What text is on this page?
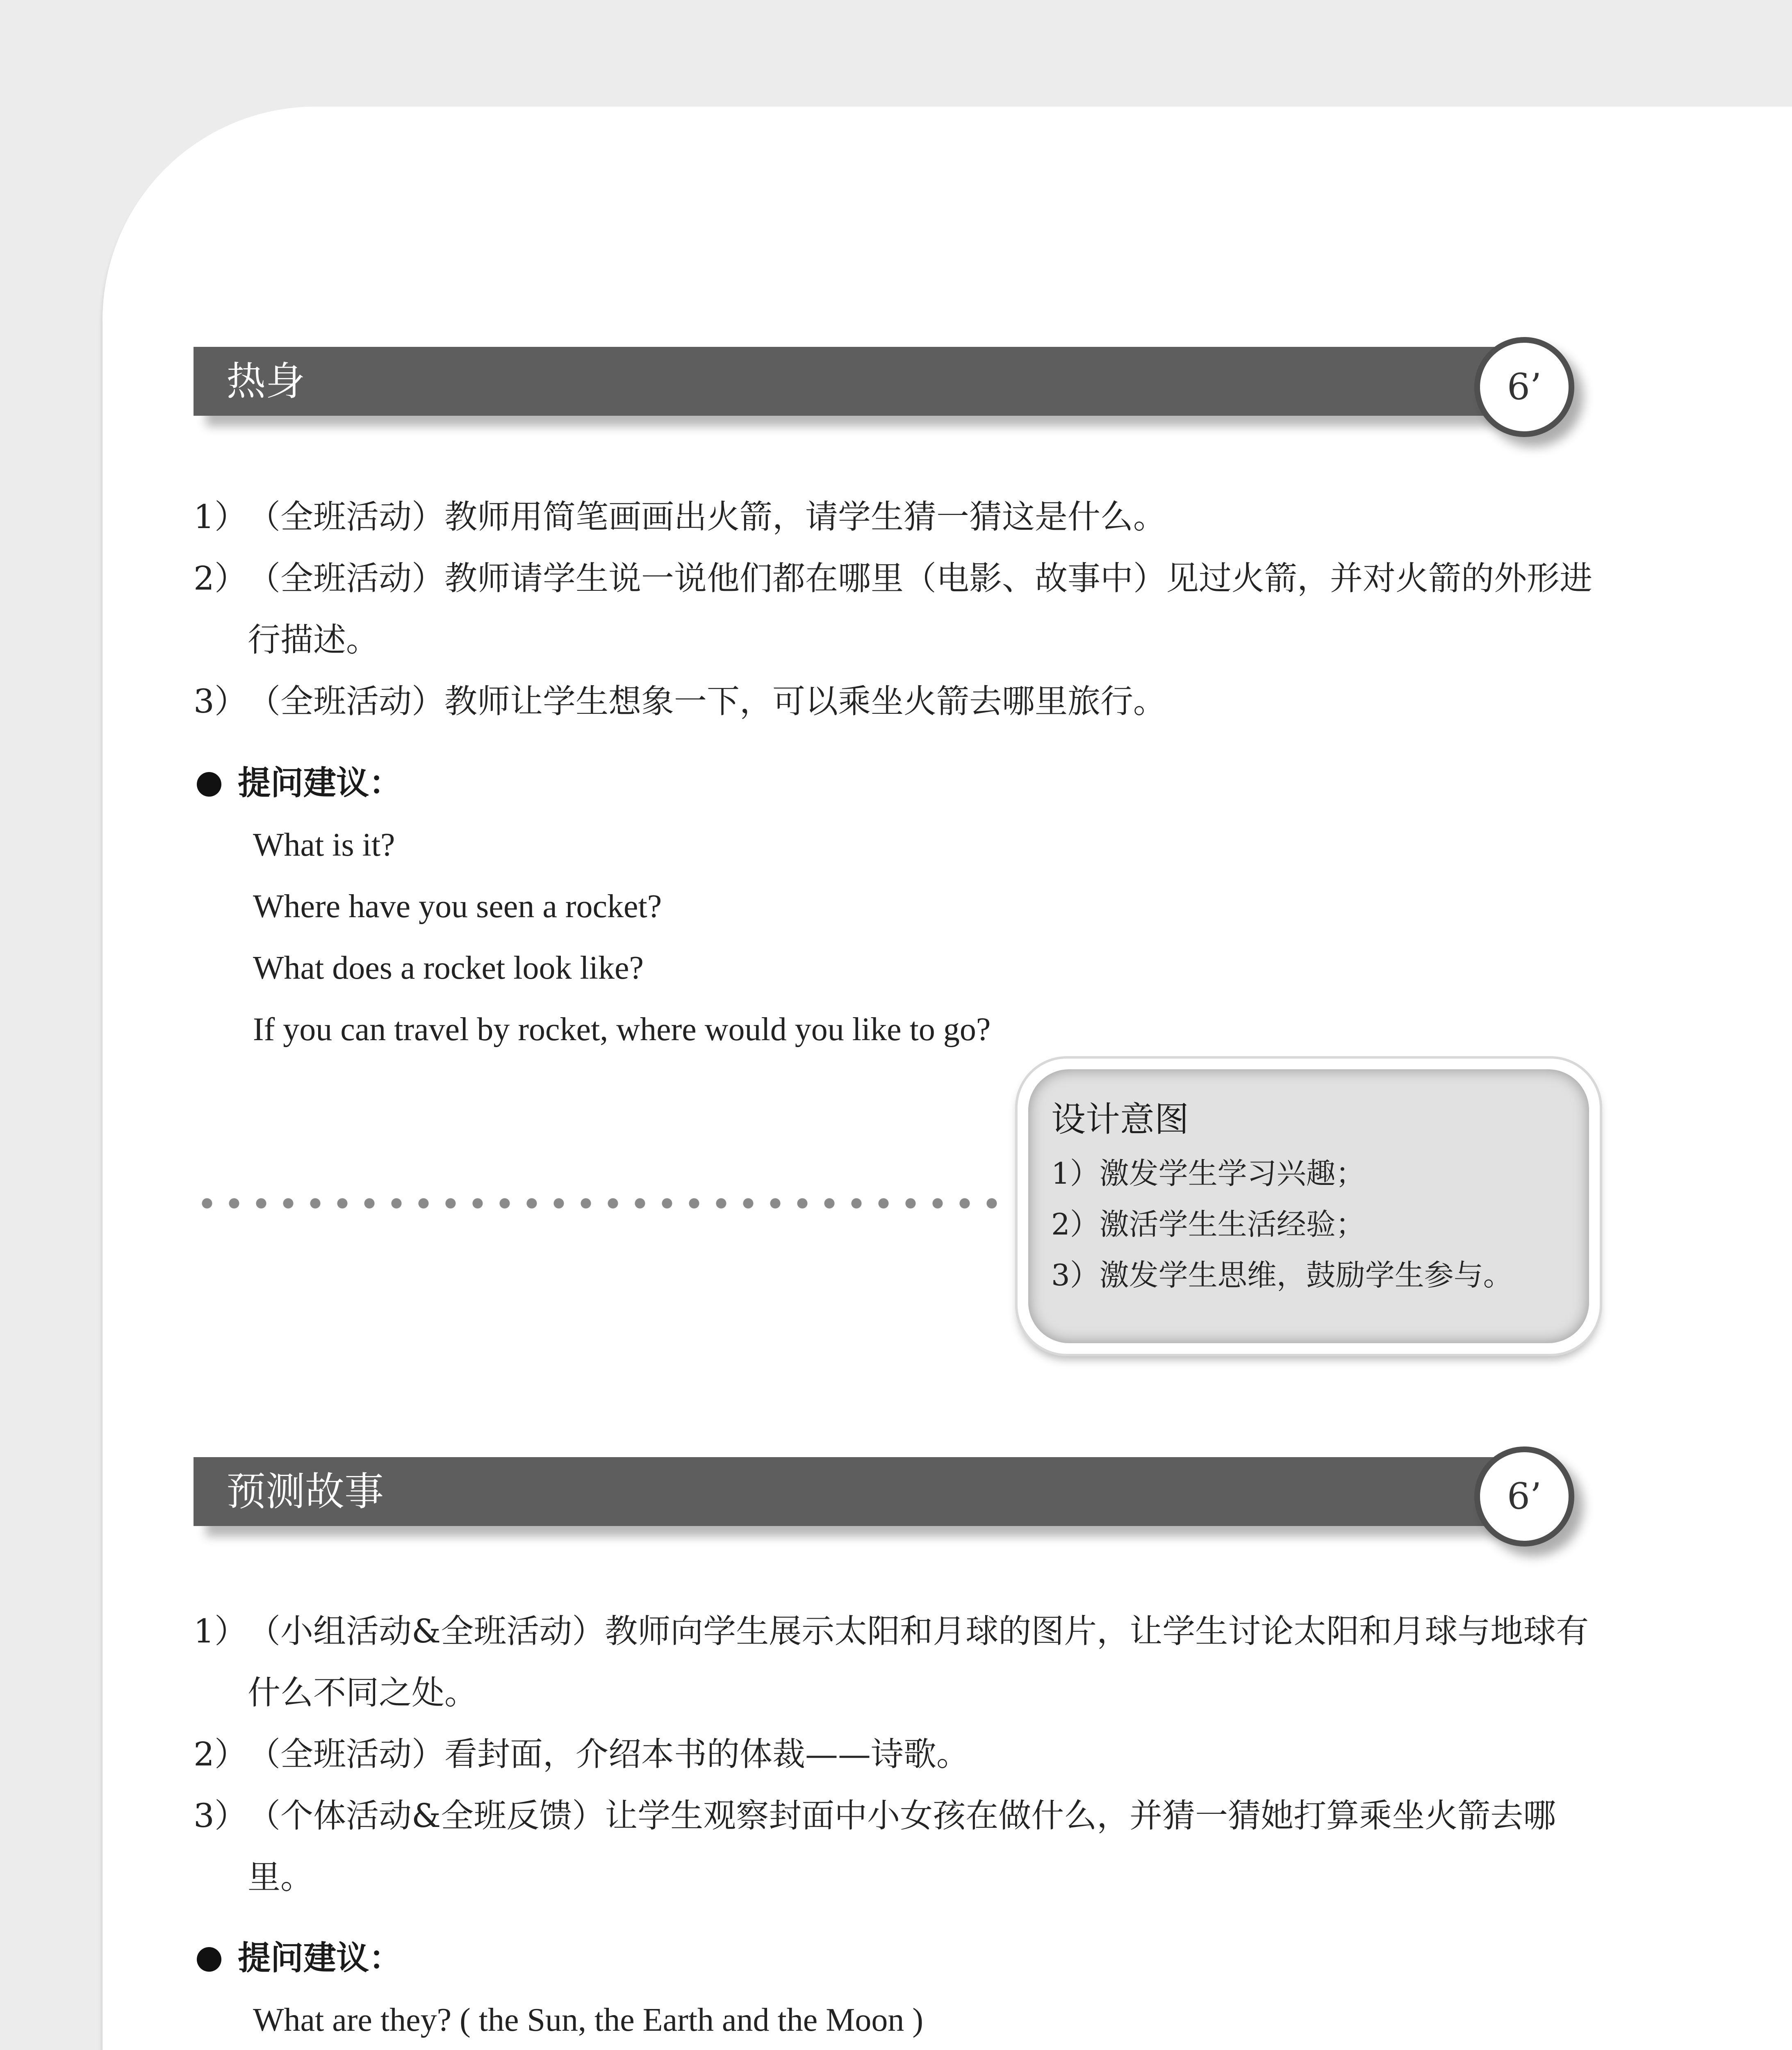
热身	6’
1）（全班活动）教师用简笔画画出火箭，请学生猜一猜这是什么。
2）（全班活动）教师请学生说一说他们都在哪里（电影、故事中）见过火箭，并对火箭的外形进行描述。
3）（全班活动）教师让学生想象一下，可以乘坐火箭去哪里旅行。
提问建议：
What is it?
Where have you seen a rocket?
What does a rocket look like?
If you can travel by rocket, where would you like to go?
设计意图
1）激发学生学习兴趣；
2）激活学生生活经验；
3）激发学生思维，鼓励学生参与。
预测故事	6’
1）（小组活动&全班活动）教师向学生展示太阳和月球的图片，让学生讨论太阳和月球与地球有什么不同之处。
2）（全班活动）看封面，介绍本书的体裁——诗歌。
3）（个体活动&全班反馈）让学生观察封面中小女孩在做什么，并猜一猜她打算乘坐火箭去哪里。
提问建议：
What are they? ( the Sun, the Earth and the Moon )
